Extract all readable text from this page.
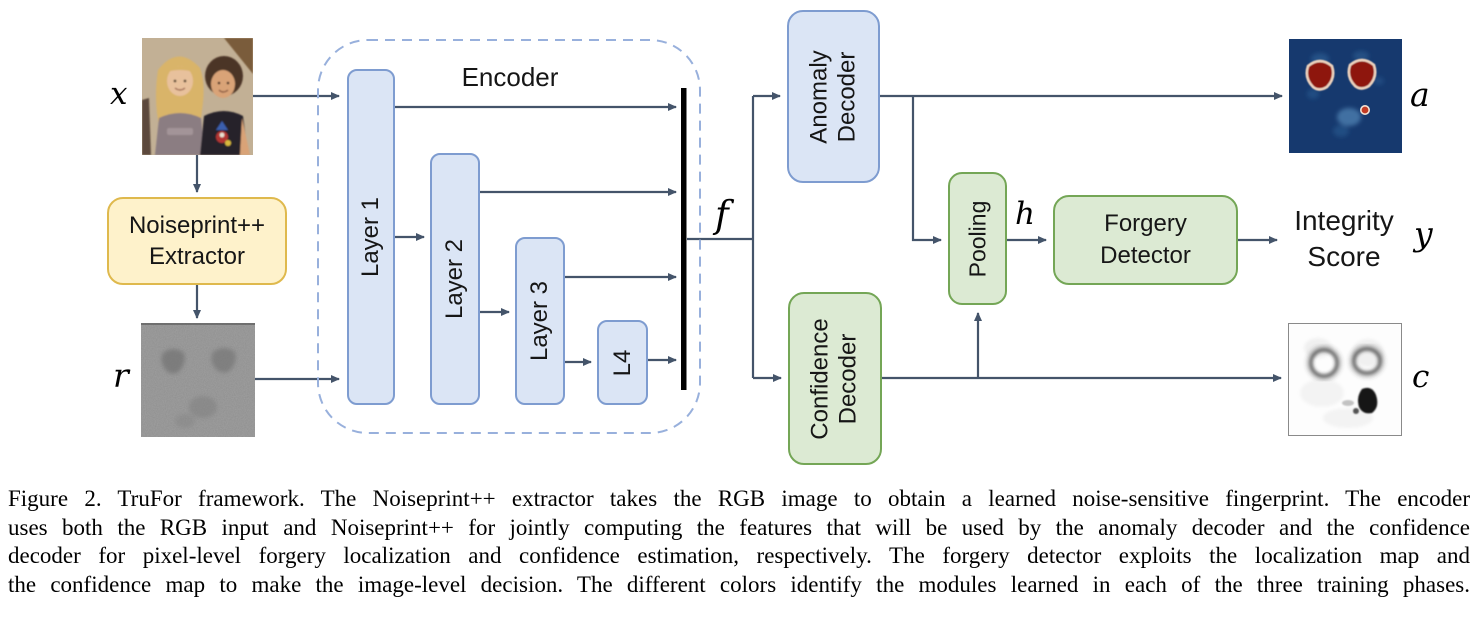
Noiseprint++
Extractor
Encoder
Layer 1
Layer 2
Layer 3
L4
Anomaly Decoder
Confidence Decoder
Pooling	Forgery
Detector
Integrity
Score
x
r
f	h
a
c
y
Figure 2. TruFor framework. The Noiseprint++ extractor takes the RGB image to obtain a learned noise-sensitive fingerprint. The encoder
uses both the RGB input and Noiseprint++ for jointly computing the features that will be used by the anomaly decoder and the confidence
decoder for pixel-level forgery localization and confidence estimation, respectively. The forgery detector exploits the localization map and
the confidence map to make the image-level decision. The different colors identify the modules learned in each of the three training phases.
